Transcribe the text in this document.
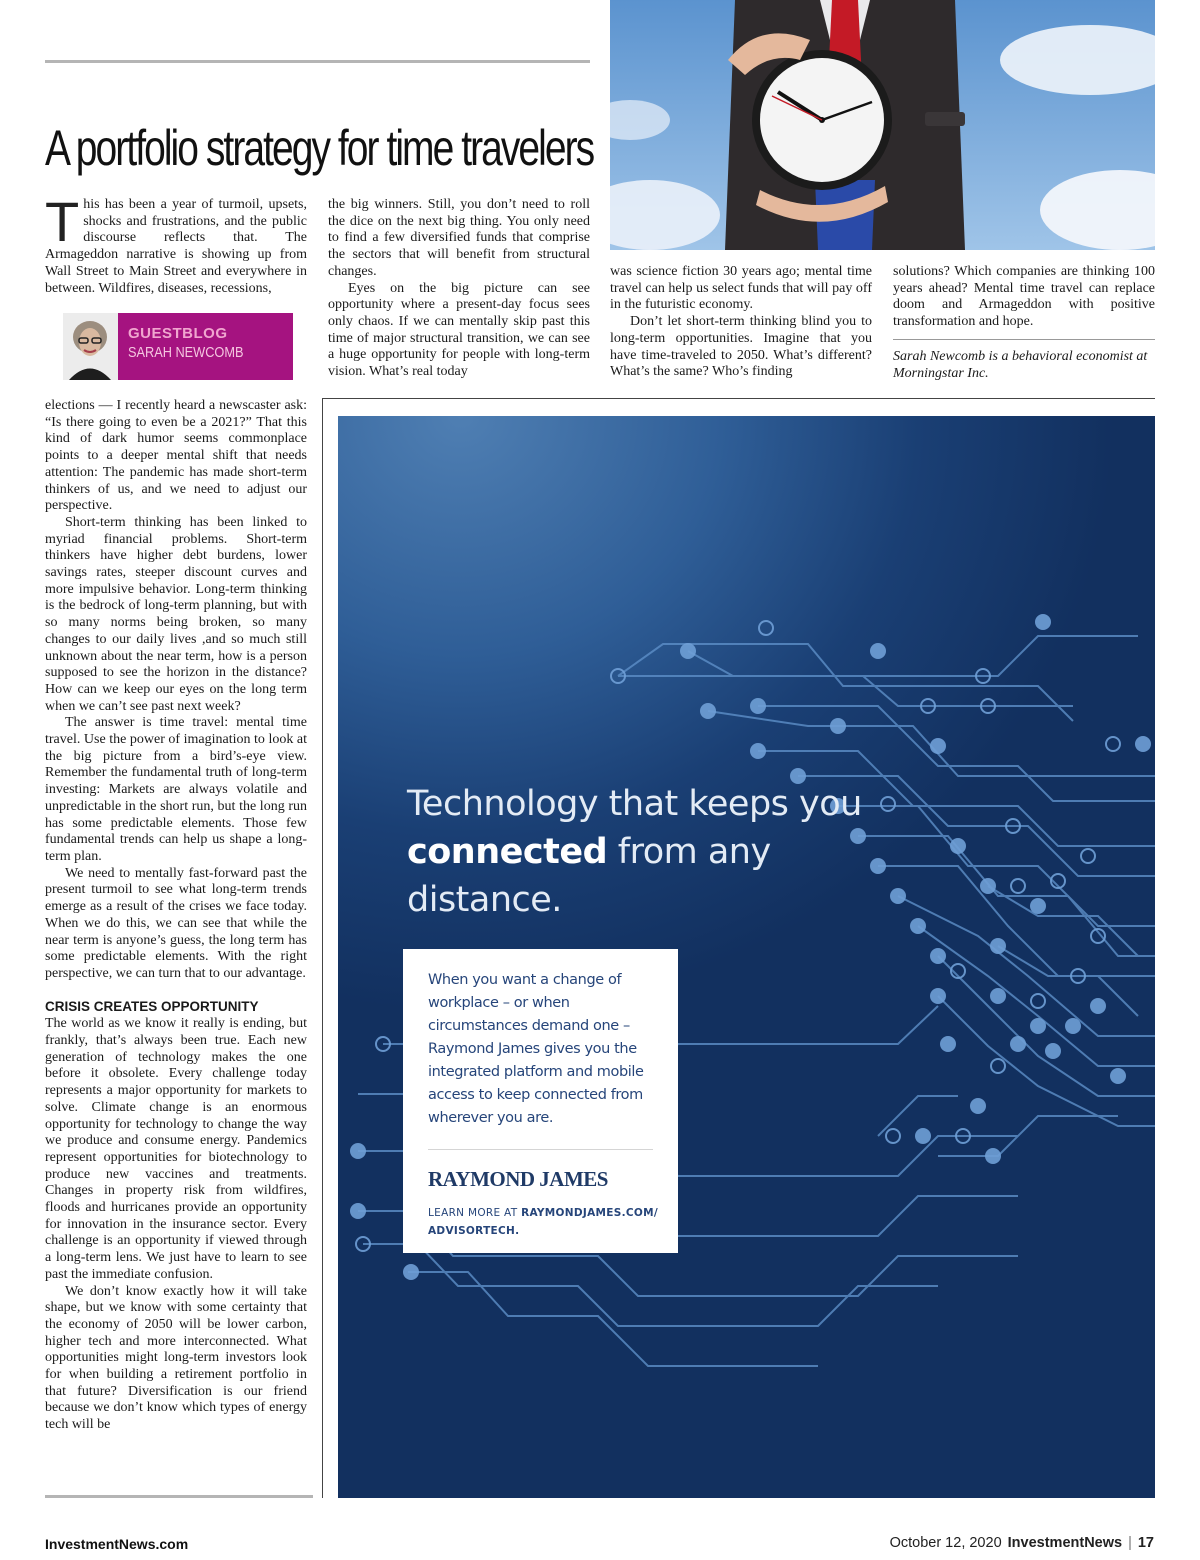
A portfolio strategy for time travelers

This has been a year of turmoil, upsets, shocks and frustrations, and the public discourse reflects that. The Armageddon narrative is showing up from Wall Street to Main Street and everywhere in between. Wildfires, diseases, recessions,

GUESTBLOG
SARAH NEWCOMB

elections — I recently heard a newscaster ask: “Is there going to even be a 2021?” That this kind of dark humor seems commonplace points to a deeper mental shift that needs attention: The pandemic has made short-term thinkers of us, and we need to adjust our perspective.

Short-term thinking has been linked to myriad financial problems. Short-term thinkers have higher debt burdens, lower savings rates, steeper discount curves and more impulsive behavior. Long-term thinking is the bedrock of long-term planning, but with so many norms being broken, so many changes to our daily lives ,and so much still unknown about the near term, how is a person supposed to see the horizon in the distance? How can we keep our eyes on the long term when we can’t see past next week?

The answer is time travel: mental time travel. Use the power of imagination to look at the big picture from a bird’s-eye view. Remember the fundamental truth of long-term investing: Markets are always volatile and unpredictable in the short run, but the long run has some predictable elements. Those few fundamental trends can help us shape a long-term plan.

We need to mentally fast-forward past the present turmoil to see what long-term trends emerge as a result of the crises we face today. When we do this, we can see that while the near term is anyone’s guess, the long term has some predictable elements. With the right perspective, we can turn that to our advantage.

CRISIS CREATES OPPORTUNITY

The world as we know it really is ending, but frankly, that’s always been true. Each new generation of technology makes the one before it obsolete. Every challenge today represents a major opportunity for markets to solve. Climate change is an enormous opportunity for technology to change the way we produce and consume energy. Pandemics represent opportunities for biotechnology to produce new vaccines and treatments. Changes in property risk from wildfires, floods and hurricanes provide an opportunity for innovation in the insurance sector. Every challenge is an opportunity if viewed through a long-term lens. We just have to learn to see past the immediate confusion.

We don’t know exactly how it will take shape, but we know with some certainty that the economy of 2050 will be lower carbon, higher tech and more interconnected. What opportunities might long-term investors look for when building a retirement portfolio in that future? Diversification is our friend because we don’t know which types of energy tech will be

the big winners. Still, you don’t need to roll the dice on the next big thing. You only need to find a few diversified funds that comprise the sectors that will benefit from structural changes.

Eyes on the big picture can see opportunity where a present-day focus sees only chaos. If we can mentally skip past this time of major structural transition, we can see a huge opportunity for people with long-term vision. What’s real today

was science fiction 30 years ago; mental time travel can help us select funds that will pay off in the futuristic economy.

Don’t let short-term thinking blind you to long-term opportunities. Imagine that you have time-traveled to 2050. What’s different? What’s the same? Who’s finding

solutions? Which companies are thinking 100 years ahead? Mental time travel can replace doom and Armageddon with positive transformation and hope.

Sarah Newcomb is a behavioral economist at Morningstar Inc.

Technology that keeps you connected from any distance.
When you want a change of workplace – or when circumstances demand one – Raymond James gives you the integrated platform and mobile access to keep connected from wherever you are.
RAYMOND JAMES
LEARN MORE AT RAYMONDJAMES.COM/ ADVISORTECH.
InvestmentNews.com	October 12, 2020 InvestmentNews | 17
